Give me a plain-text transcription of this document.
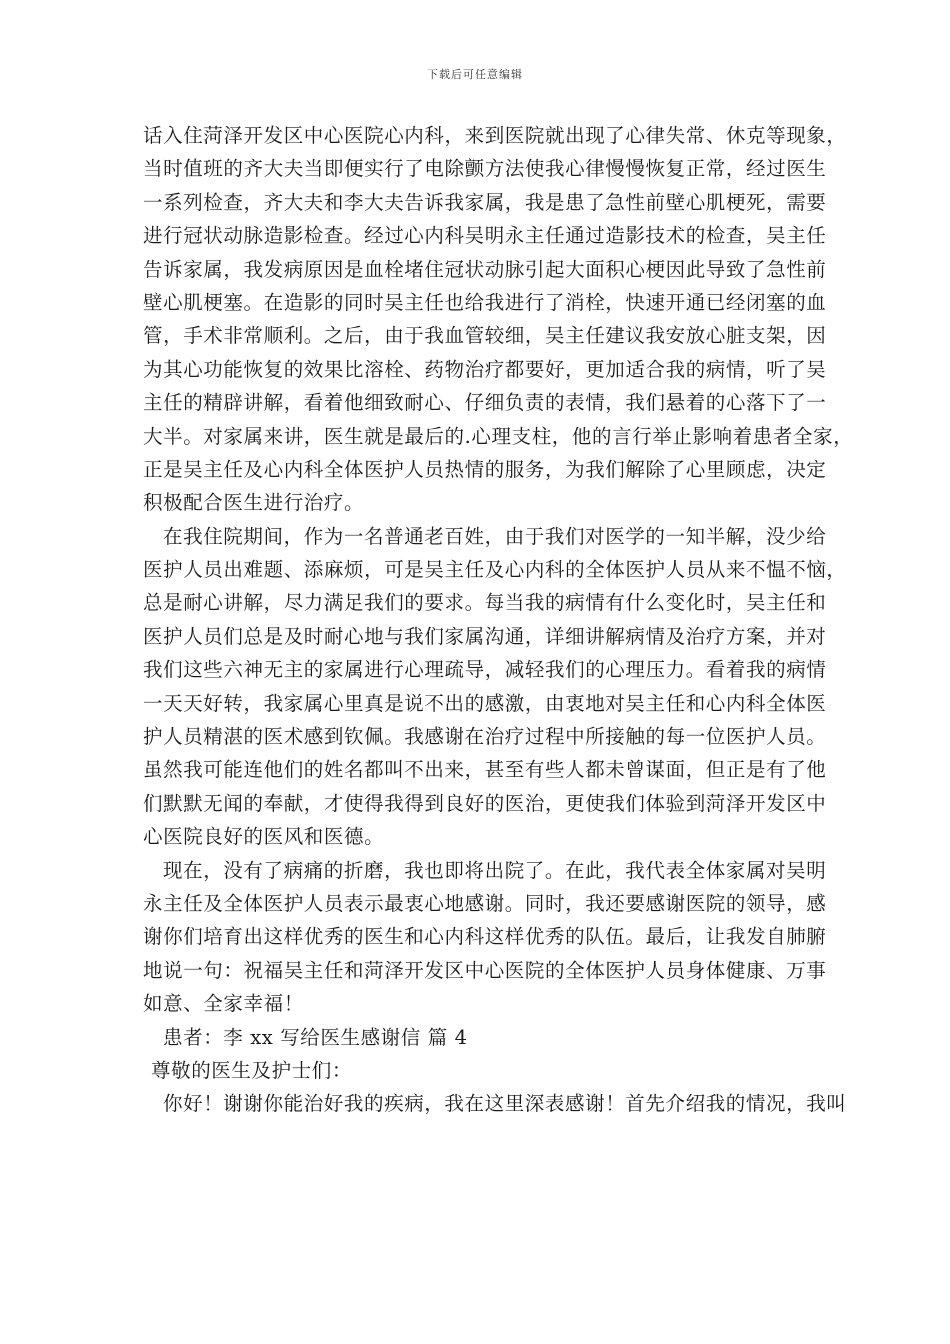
下载后可任意编辑
话入住菏泽开发区中心医院心内科，来到医院就出现了心律失常、休克等现象，
当时值班的齐大夫当即便实行了电除颤方法使我心律慢慢恢复正常，经过医生
一系列检查，齐大夫和李大夫告诉我家属，我是患了急性前壁心肌梗死，需要
进行冠状动脉造影检查。经过心内科吴明永主任通过造影技术的检查，吴主任
告诉家属，我发病原因是血栓堵住冠状动脉引起大面积心梗因此导致了急性前
壁心肌梗塞。在造影的同时吴主任也给我进行了消栓，快速开通已经闭塞的血
管，手术非常顺利。之后，由于我血管较细，吴主任建议我安放心脏支架，因
为其心功能恢复的效果比溶栓、药物治疗都要好，更加适合我的病情，听了吴
主任的精辟讲解，看着他细致耐心、仔细负责的表情，我们悬着的心落下了一
大半。对家属来讲，医生就是最后的.心理支柱，他的言行举止影响着患者全家，
正是吴主任及心内科全体医护人员热情的服务，为我们解除了心里顾虑，决定
积极配合医生进行治疗。
在我住院期间，作为一名普通老百姓，由于我们对医学的一知半解，没少给
医护人员出难题、添麻烦，可是吴主任及心内科的全体医护人员从来不愠不恼，
总是耐心讲解，尽力满足我们的要求。每当我的病情有什么变化时，吴主任和
医护人员们总是及时耐心地与我们家属沟通，详细讲解病情及治疗方案，并对
我们这些六神无主的家属进行心理疏导，减轻我们的心理压力。看着我的病情
一天天好转，我家属心里真是说不出的感激，由衷地对吴主任和心内科全体医
护人员精湛的医术感到钦佩。我感谢在治疗过程中所接触的每一位医护人员。
虽然我可能连他们的姓名都叫不出来，甚至有些人都未曾谋面，但正是有了他
们默默无闻的奉献，才使得我得到良好的医治，更使我们体验到菏泽开发区中
心医院良好的医风和医德。
现在，没有了病痛的折磨，我也即将出院了。在此，我代表全体家属对吴明
永主任及全体医护人员表示最衷心地感谢。同时，我还要感谢医院的领导，感
谢你们培育出这样优秀的医生和心内科这样优秀的队伍。最后，让我发自肺腑
地说一句：祝福吴主任和菏泽开发区中心医院的全体医护人员身体健康、万事
如意、全家幸福！
患者：李 xx 写给医生感谢信 篇 4
尊敬的医生及护士们：
你好！谢谢你能治好我的疾病，我在这里深表感谢！首先介绍我的情况，我叫
